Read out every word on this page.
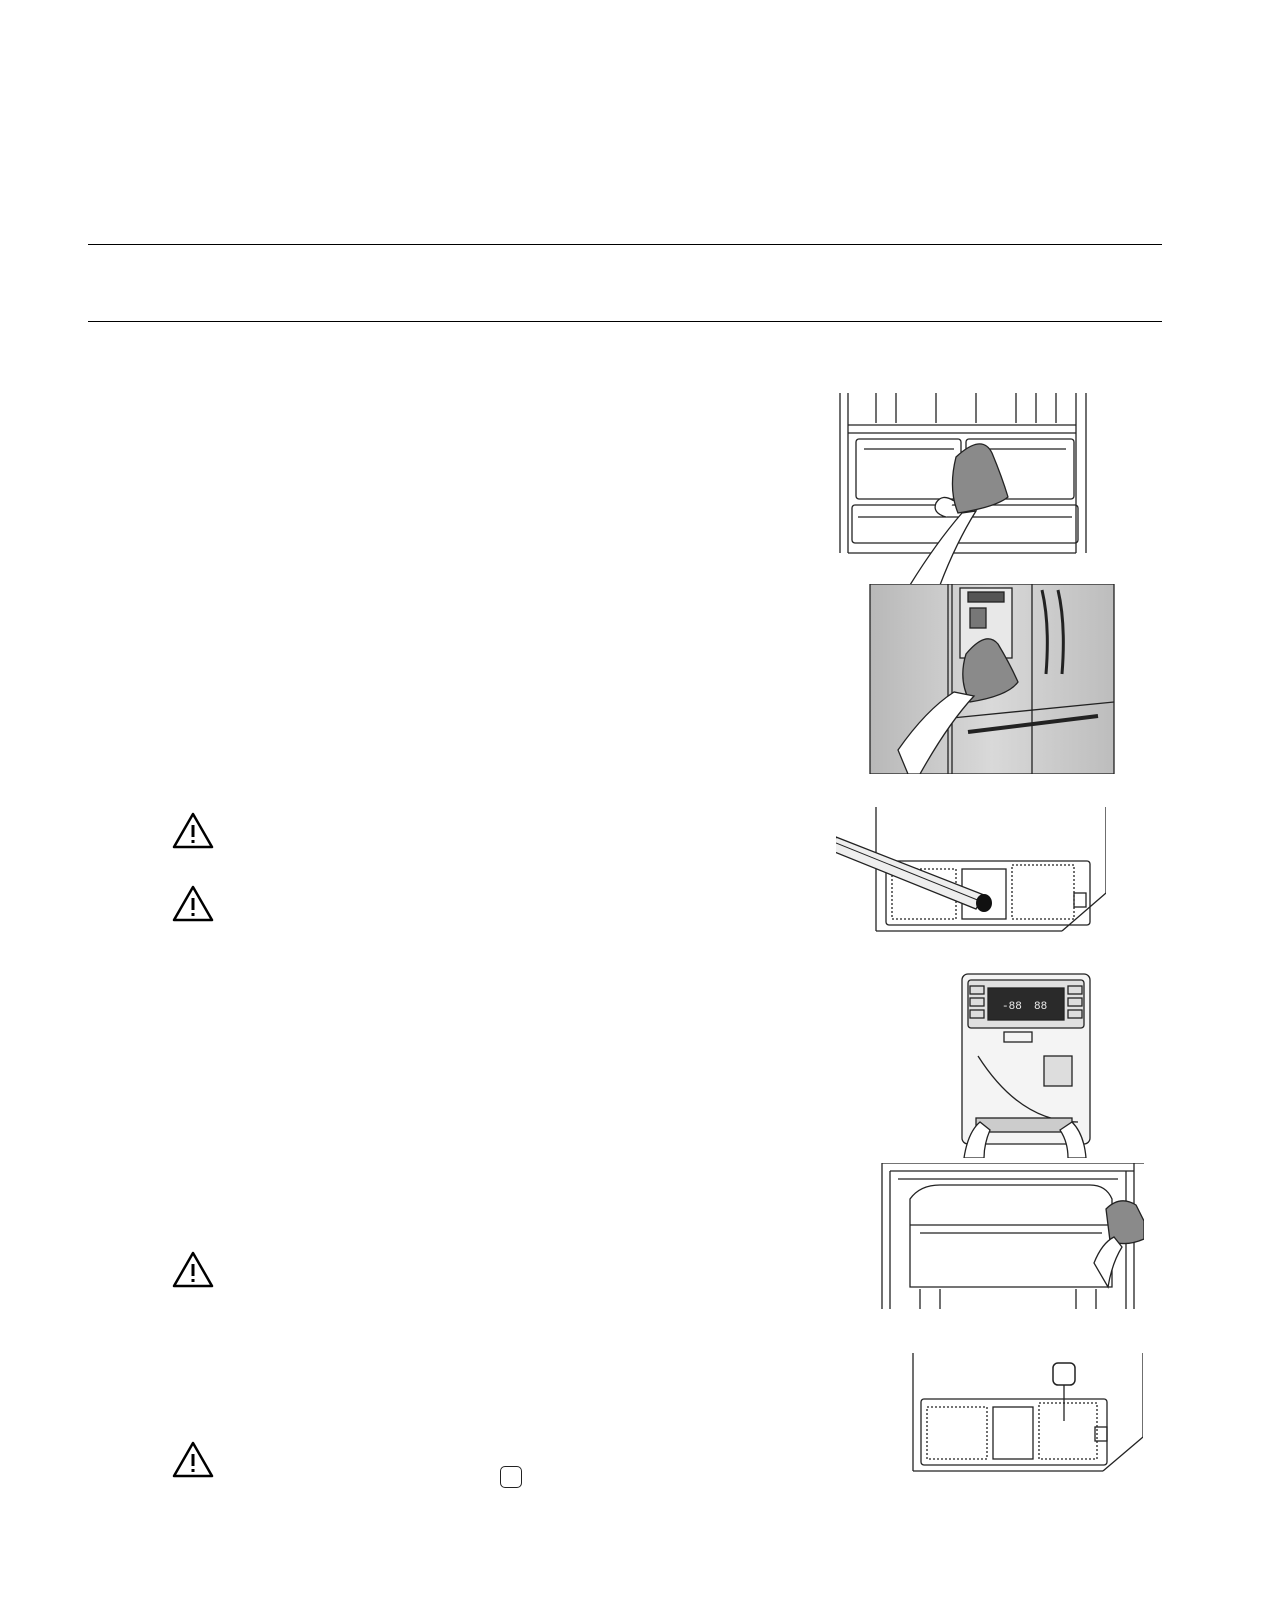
-88 88
